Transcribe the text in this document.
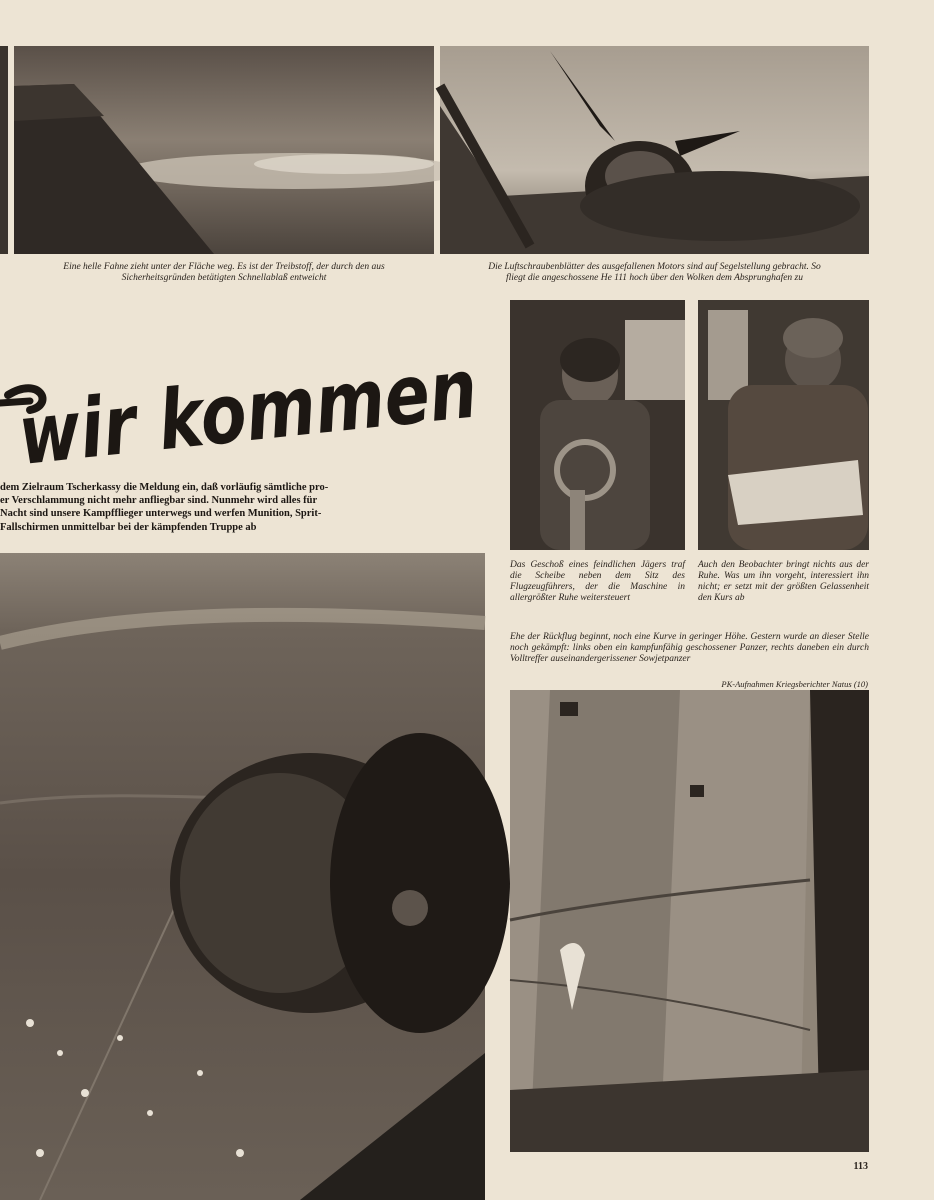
Eine helle Fahne zieht unter der Fläche weg. Es ist der Treibstoff, der durch den aus
Sicherheitsgründen betätigten Schnellablaß entweicht

Die Luftschraubenblätter des ausgefallenen Motors sind auf Segelstellung gebracht. So
fliegt die angeschossene He 111 hoch über den Wolken dem Absprunghafen zu

wir kommen
dem Zielraum Tscherkassy die Meldung ein, daß vorläufig sämtliche pro-
er Verschlammung nicht mehr anfliegbar sind. Nunmehr wird alles für
Nacht sind unsere Kampfflieger unterwegs und werfen Munition, Sprit-
Fallschirmen unmittelbar bei der kämpfenden Truppe ab

Das Geschoß eines feindlichen Jägers traf die Scheibe neben dem Sitz des Flugzeugführers, der die Maschine in allergrößter Ruhe weitersteuert

Auch den Beobachter bringt nichts aus der Ruhe. Was um ihn vorgeht, interessiert ihn nicht; er setzt mit der größten Gelassenheit den Kurs ab

Ehe der Rückflug beginnt, noch eine Kurve in geringer Höhe. Gestern wurde an dieser Stelle noch gekämpft: links oben ein kampfunfähig geschossener Panzer, rechts daneben ein durch Volltreffer auseinandergerissener Sowjetpanzer

PK-Aufnahmen Kriegsberichter Natus (10)

113
